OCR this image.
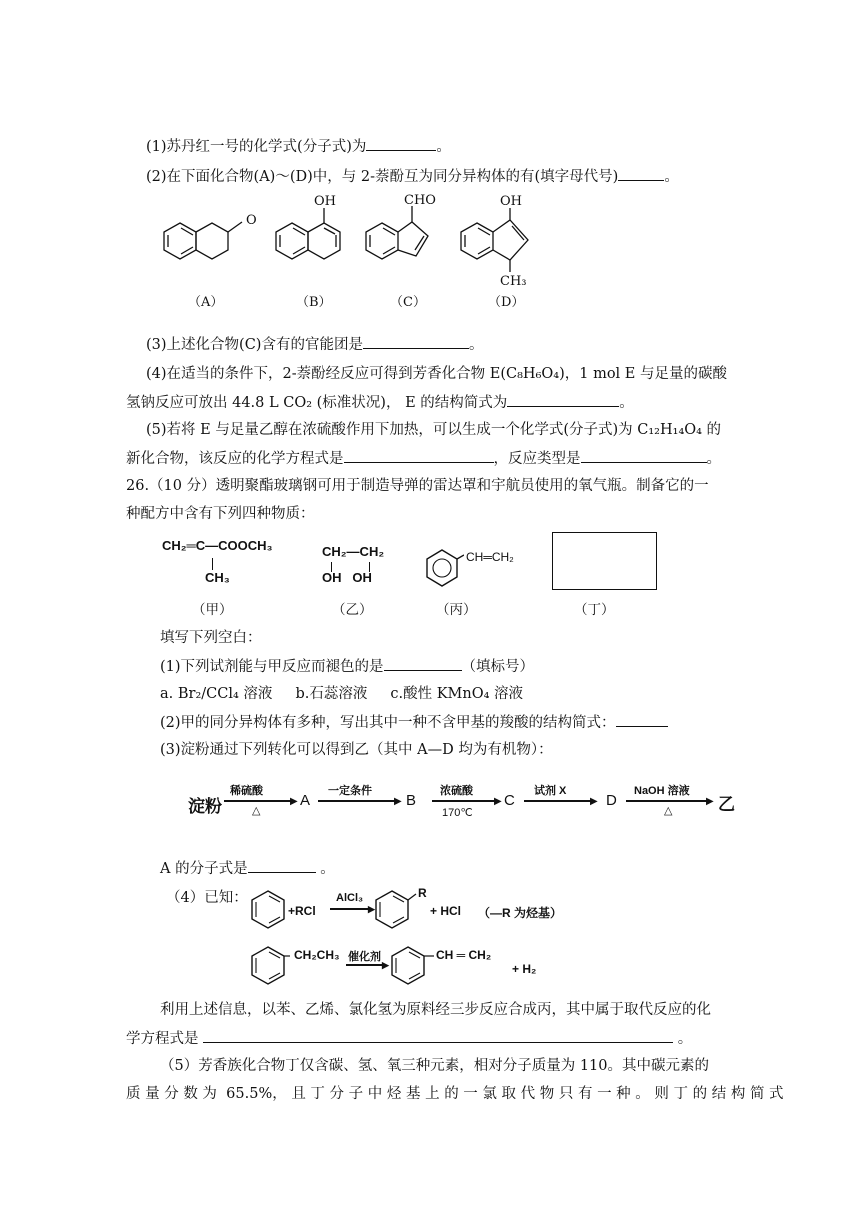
(1)苏丹红一号的化学式(分子式)为	。
(2)在下面化合物(A)～(D)中，与 2-萘酚互为同分异构体的有(填字母代号)	。
O
OH	CHO	OH
CH₃
（A）	（B）	（C）	（D）
(3)上述化合物(C)含有的官能团是	。
(4)在适当的条件下，2-萘酚经反应可得到芳香化合物 E(C₈H₆O₄)，1 mol E 与足量的碳酸
氢钠反应可放出 44.8 L CO₂ (标准状况)， E 的结构简式为	。
(5)若将 E 与足量乙醇在浓硫酸作用下加热，可以生成一个化学式(分子式)为 C₁₂H₁₄O₄ 的
新化合物，该反应的化学方程式是	，反应类型是	。
26.（10 分）透明聚酯玻璃钢可用于制造导弹的雷达罩和宇航员使用的氧气瓶。制备它的一
种配方中含有下列四种物质：
CH₂═C—COOCH₃
CH₃
CH₂—CH₂
OH   OH
CH═CH₂
（甲）	（乙）	（丙）	（丁）
填写下列空白：
(1)下列试剂能与甲反应而褪色的是	（填标号）
a. Br₂/CCl₄ 溶液     b.石蕊溶液     c.酸性 KMnO₄ 溶液
(2)甲的同分异构体有多种，写出其中一种不含甲基的羧酸的结构简式：
(3)淀粉通过下列转化可以得到乙（其中 A—D 均为有机物）：
淀粉
稀硫酸
▶
△
A
一定条件
▶ B
浓硫酸
▶
170℃
C
试剂 X
▶ D
NaOH 溶液
▶
△	乙
A 的分子式是	。
（4）已知：
+RCl
AlCl₃
▶
R
+ HCl （—R 为烃基）
CH₂CH₃ 催化剂
▶
CH ═ CH₂
+ H₂
利用上述信息，以苯、乙烯、氯化氢为原料经三步反应合成丙，其中属于取代反应的化
学方程式是	。
（5）芳香族化合物丁仅含碳、氢、氧三种元素，相对分子质量为 110。其中碳元素的
质 量 分 数 为  65.5%， 且 丁 分 子 中 烃 基 上 的 一 氯 取 代 物 只 有 一 种 。 则 丁 的 结 构 简 式
